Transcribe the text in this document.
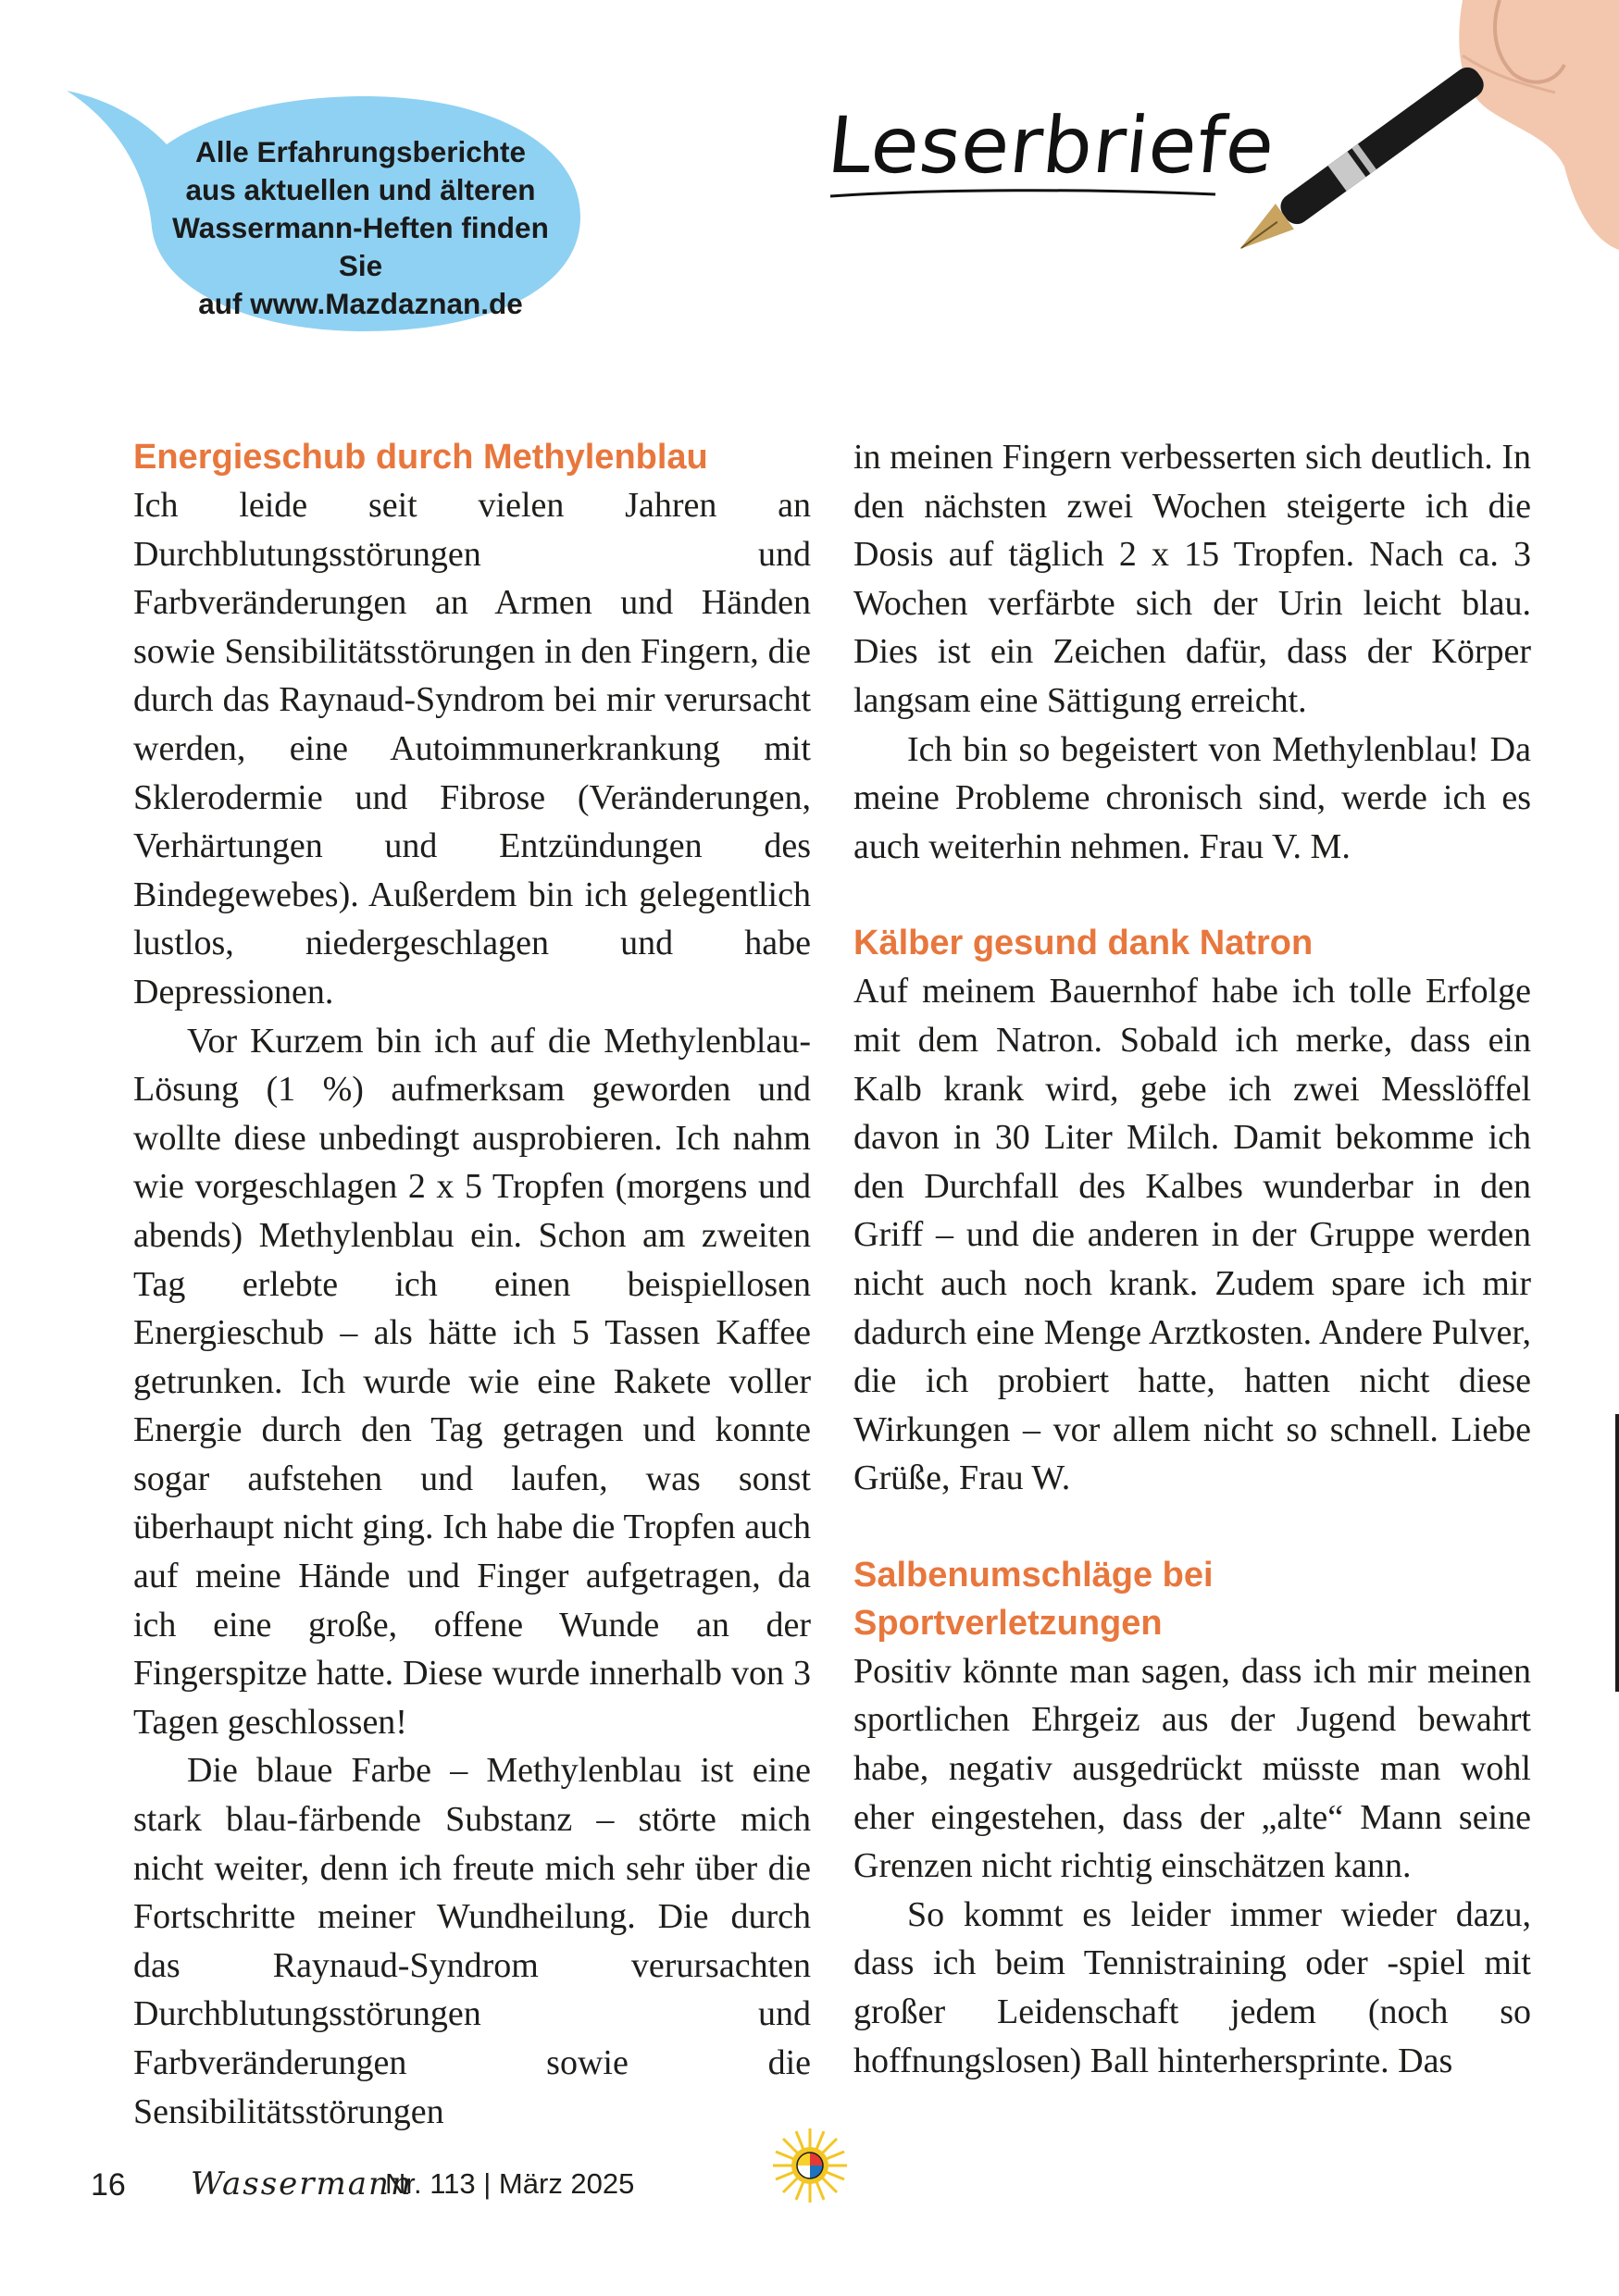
Alle Erfahrungsberichte
aus aktuellen und älteren
Wassermann-Heften finden Sie
auf www.Mazdaznan.de
Leserbriefe
Energieschub durch Methylenblau

Ich leide seit vielen Jahren an Durchblutungsstörungen und Farbveränderungen an Armen und Händen sowie Sensibilitätsstörungen in den Fingern, die durch das Raynaud-Syndrom bei mir verursacht werden, eine Autoimmunerkrankung mit Sklerodermie und Fibrose (Veränderungen, Verhärtungen und Entzündungen des Bindegewebes). Außerdem bin ich gelegentlich lustlos, niedergeschlagen und habe Depressionen.

Vor Kurzem bin ich auf die Methylenblau-Lösung (1 %) aufmerksam geworden und wollte diese unbedingt ausprobieren. Ich nahm wie vorgeschlagen 2 x 5 Tropfen (morgens und abends) Methylenblau ein. Schon am zweiten Tag erlebte ich einen beispiellosen Energieschub – als hätte ich 5 Tassen Kaffee getrunken. Ich wurde wie eine Rakete voller Energie durch den Tag getragen und konnte sogar aufstehen und laufen, was sonst überhaupt nicht ging. Ich habe die Tropfen auch auf meine Hände und Finger aufgetragen, da ich eine große, offene Wunde an der Fingerspitze hatte. Diese wurde innerhalb von 3 Tagen geschlossen!

Die blaue Farbe – Methylenblau ist eine stark blau-färbende Substanz – störte mich nicht weiter, denn ich freute mich sehr über die Fortschritte meiner Wundheilung. Die durch das Raynaud-Syndrom verursachten Durchblutungsstörungen und Farbveränderungen sowie die Sensibilitätsstörungen

in meinen Fingern verbesserten sich deutlich. In den nächsten zwei Wochen steigerte ich die Dosis auf täglich 2 x 15 Tropfen. Nach ca. 3 Wochen verfärbte sich der Urin leicht blau. Dies ist ein Zeichen dafür, dass der Körper langsam eine Sättigung erreicht.

Ich bin so begeistert von Methylenblau! Da meine Probleme chronisch sind, werde ich es auch weiterhin nehmen. Frau V. M.

Kälber gesund dank Natron

Auf meinem Bauernhof habe ich tolle Erfolge mit dem Natron. Sobald ich merke, dass ein Kalb krank wird, gebe ich zwei Messlöffel davon in 30 Liter Milch. Damit bekomme ich den Durchfall des Kalbes wunderbar in den Griff – und die anderen in der Gruppe werden nicht auch noch krank. Zudem spare ich mir dadurch eine Menge Arztkosten. Andere Pulver, die ich probiert hatte, hatten nicht diese Wirkungen – vor allem nicht so schnell. Liebe Grüße, Frau W.

Salbenumschläge bei
Sportverletzungen

Positiv könnte man sagen, dass ich mir meinen sportlichen Ehrgeiz aus der Jugend bewahrt habe, negativ ausgedrückt müsste man wohl eher eingestehen, dass der „alte“ Mann seine Grenzen nicht richtig einschätzen kann.

So kommt es leider immer wieder dazu, dass ich beim Tennistraining oder -spiel mit großer Leidenschaft jedem (noch so hoffnungslosen) Ball hinterhersprinte. Das

16 Wassermann
Nr. 113 | März 2025
